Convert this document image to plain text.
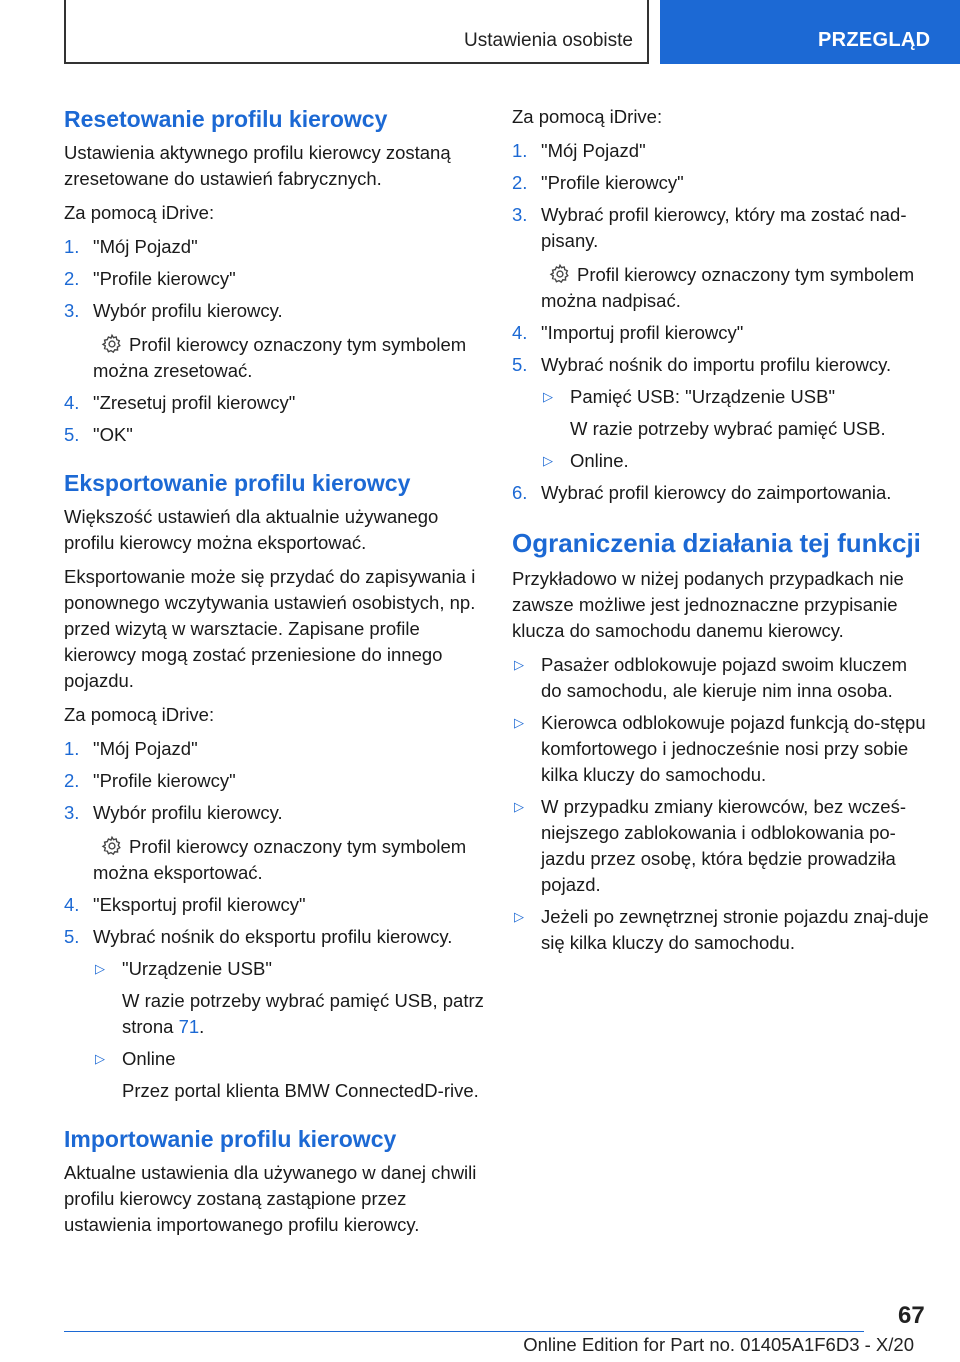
Ustawienia osobiste	PRZEGLĄD
Resetowanie profilu kierowcy

Ustawienia aktywnego profilu kierowcy zostaną zresetowane do ustawień fabrycznych.

Za pomocą iDrive:

1. "Mój Pojazd"
2. "Profile kierowcy"
3. Wybór profilu kierowcy.
Profil kierowcy oznaczony tym symbolem można zresetować.
4. "Zresetuj profil kierowcy"
5. "OK"
Eksportowanie profilu kierowcy

Większość ustawień dla aktualnie używanego profilu kierowcy można eksportować.

Eksportowanie może się przydać do zapisywania i ponownego wczytywania ustawień osobistych, np. przed wizytą w warsztacie. Zapisane profile kierowcy mogą zostać przeniesione do innego pojazdu.

Za pomocą iDrive:

1. "Mój Pojazd"
2. "Profile kierowcy"
3. Wybór profilu kierowcy.
Profil kierowcy oznaczony tym symbolem można eksportować.
4. "Eksportuj profil kierowcy"
5. Wybrać nośnik do eksportu profilu kierowcy.
▷ "Urządzenie USB"
W razie potrzeby wybrać pamięć USB, patrz strona 71.
▷ Online
Przez portal klienta BMW ConnectedD‐rive.
Importowanie profilu kierowcy

Aktualne ustawienia dla używanego w danej chwili profilu kierowcy zostaną zastąpione przez ustawienia importowanego profilu kierowcy.

Za pomocą iDrive:

1. "Mój Pojazd"
2. "Profile kierowcy"
3. Wybrać profil kierowcy, który ma zostać nad‐pisany.
Profil kierowcy oznaczony tym symbolem można nadpisać.
4. "Importuj profil kierowcy"
5. Wybrać nośnik do importu profilu kierowcy.
▷ Pamięć USB: "Urządzenie USB"
W razie potrzeby wybrać pamięć USB.
▷ Online.
6. Wybrać profil kierowcy do zaimportowania.
Ograniczenia działania tej funkcji

Przykładowo w niżej podanych przypadkach nie zawsze możliwe jest jednoznaczne przypisanie klucza do samochodu danemu kierowcy.

▷ Pasażer odblokowuje pojazd swoim kluczem do samochodu, ale kieruje nim inna osoba.
▷ Kierowca odblokowuje pojazd funkcją do‐stępu komfortowego i jednocześnie nosi przy sobie kilka kluczy do samochodu.
▷ W przypadku zmiany kierowców, bez wcześ‐niejszego zablokowania i odblokowania po‐jazdu przez osobę, która będzie prowadziła pojazd.
▷ Jeżeli po zewnętrznej stronie pojazdu znaj‐duje się kilka kluczy do samochodu.
67
Online Edition for Part no. 01405A1F6D3 - X/20
